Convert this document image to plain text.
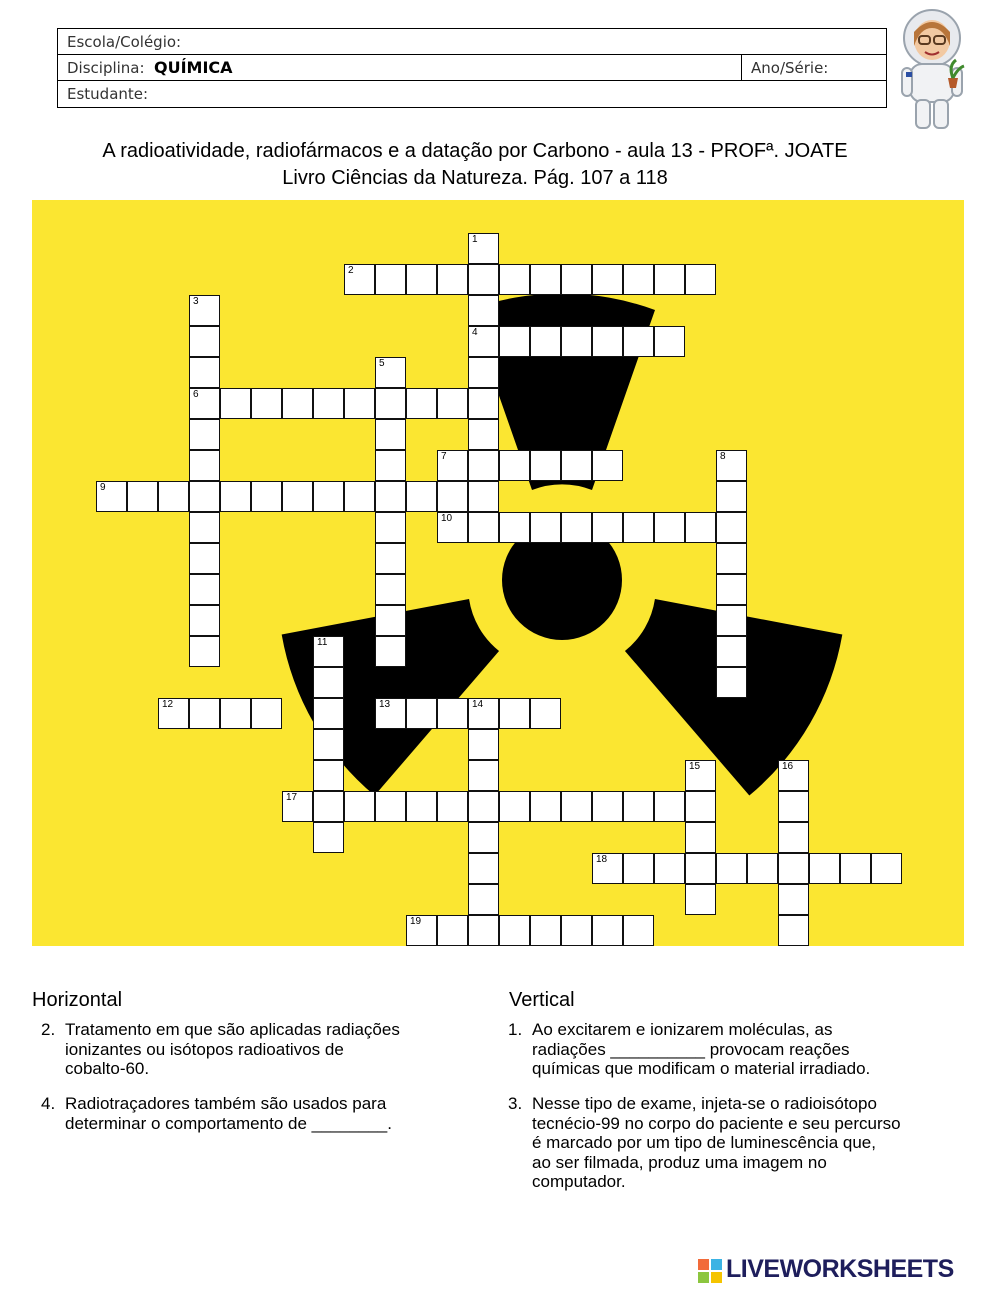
Escola/Colégio:
Disciplina: QUÍMICA	Ano/Série:
Estudante:
A radioatividade, radiofármacos e a datação por Carbono - aula 13 - PROFª. JOATE
Livro Ciências da Natureza. Pág. 107 a 118
1
4
2
3
6
5
7	8
9
10
11
12	13	14
15	16
17
18
19
Horizontal	Vertical
2. Tratamento em que são aplicadas radiações
ionizantes ou isótopos radioativos de
cobalto-60.
4. Radiotraçadores também são usados para
determinar o comportamento de ________.
1. Ao excitarem e ionizarem moléculas, as
radiações __________ provocam reações
químicas que modificam o material irradiado.
3. Nesse tipo de exame, injeta-se o radioisótopo
tecnécio-99 no corpo do paciente e seu percurso
é marcado por um tipo de luminescência que,
ao ser filmada, produz uma imagem no
computador.
LIVEWORKSHEETS
